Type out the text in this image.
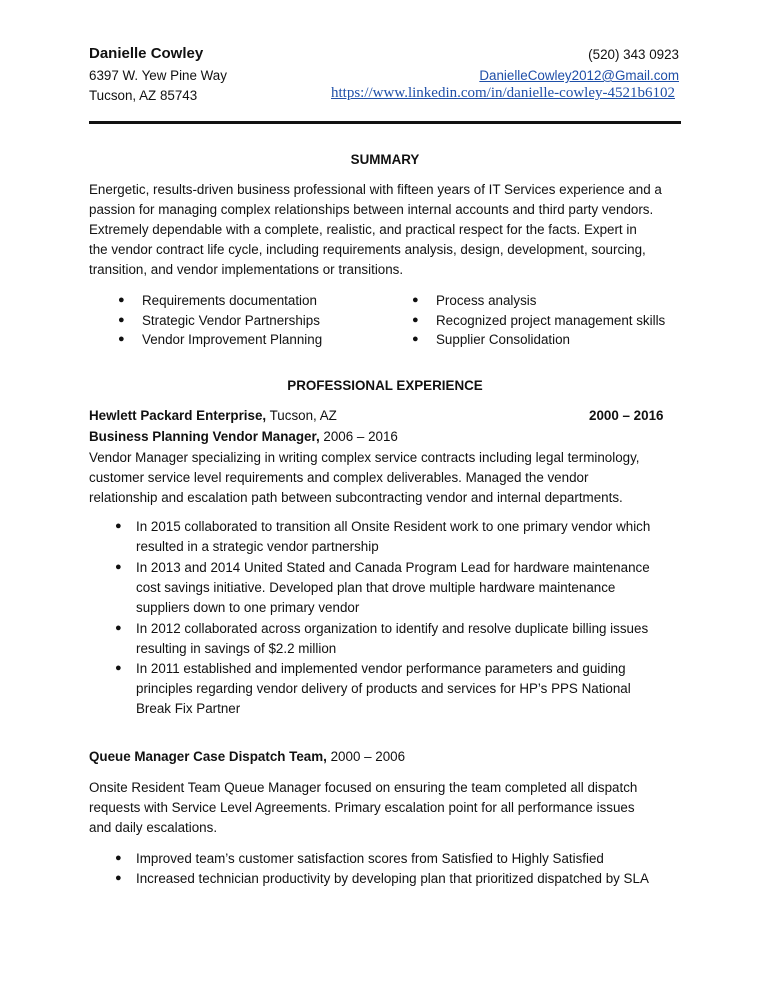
Danielle Cowley	(520) 343 0923
6397 W. Yew Pine Way	DanielleCowley2012@Gmail.com
Tucson, AZ 85743	https://www.linkedin.com/in/danielle-cowley-4521b6102
SUMMARY
Energetic, results-driven business professional with fifteen years of IT Services experience and a
passion for managing complex relationships between internal accounts and third party vendors.
Extremely dependable with a complete, realistic, and practical respect for the facts. Expert in
the vendor contract life cycle, including requirements analysis, design, development, sourcing,
transition, and vendor implementations or transitions.
● Requirements documentation
● Strategic Vendor Partnerships
● Vendor Improvement Planning
● Process analysis
● Recognized project management skills
● Supplier Consolidation
PROFESSIONAL EXPERIENCE
Hewlett Packard Enterprise, Tucson, AZ	2000 – 2016
Business Planning Vendor Manager, 2006 – 2016
Vendor Manager specializing in writing complex service contracts including legal terminology,
customer service level requirements and complex deliverables. Managed the vendor
relationship and escalation path between subcontracting vendor and internal departments.
● In 2015 collaborated to transition all Onsite Resident work to one primary vendor which
resulted in a strategic vendor partnership
● In 2013 and 2014 United Stated and Canada Program Lead for hardware maintenance
cost savings initiative. Developed plan that drove multiple hardware maintenance
suppliers down to one primary vendor
● In 2012 collaborated across organization to identify and resolve duplicate billing issues
resulting in savings of $2.2 million
● In 2011 established and implemented vendor performance parameters and guiding
principles regarding vendor delivery of products and services for HP’s PPS National
Break Fix Partner
Queue Manager Case Dispatch Team, 2000 – 2006
Onsite Resident Team Queue Manager focused on ensuring the team completed all dispatch
requests with Service Level Agreements. Primary escalation point for all performance issues
and daily escalations.
● Improved team’s customer satisfaction scores from Satisfied to Highly Satisfied
● Increased technician productivity by developing plan that prioritized dispatched by SLA
